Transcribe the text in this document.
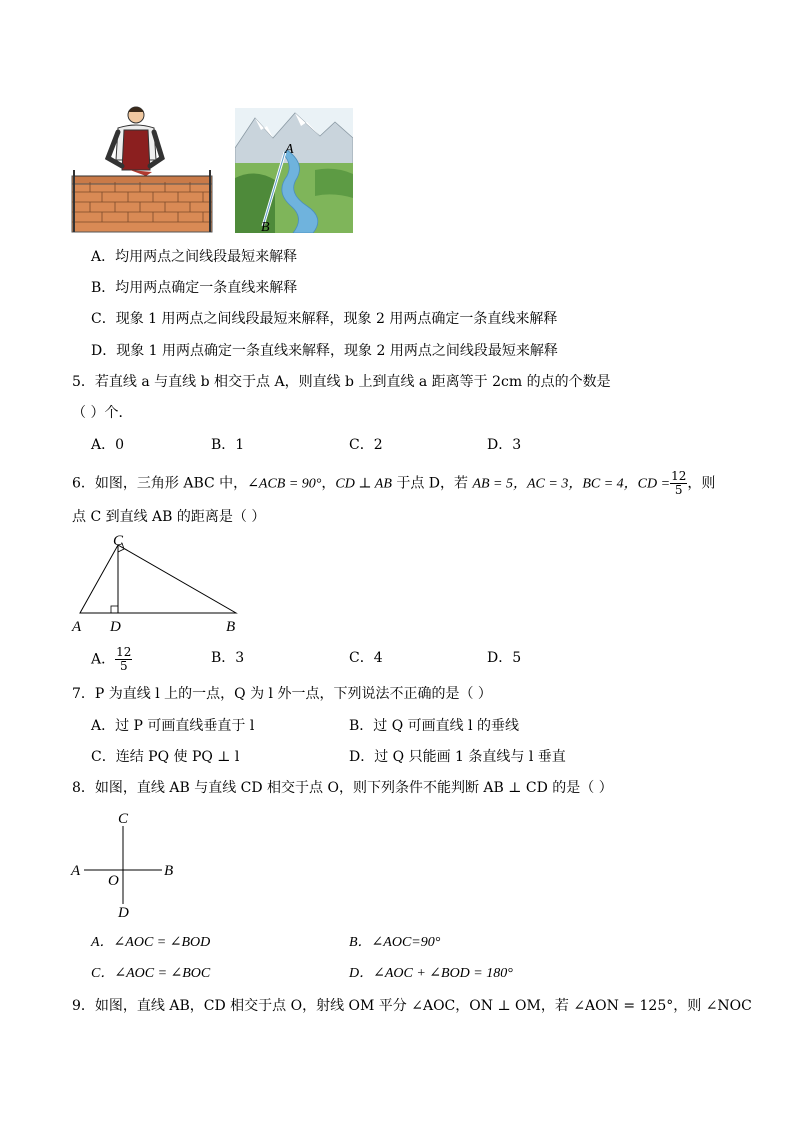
A
B
A．均用两点之间线段最短来解释
B．均用两点确定一条直线来解释
C．现象 1 用两点之间线段最短来解释，现象 2 用两点确定一条直线来解释
D．现象 1 用两点确定一条直线来解释，现象 2 用两点之间线段最短来解释
5．若直线 a 与直线 b 相交于点 A，则直线 b 上到直线 a 距离等于 2cm 的点的个数是
（ ）个．
A．0	B．1	C．2	D．3
6．如图，三角形 ABC 中，∠ACB = 90°，CD ⊥ AB 于点 D，若 AB = 5，AC = 3，BC = 4，CD = $\frac{12}{5}$ ，则
点 C 到直线 AB 的距离是（ ）
C
A D	B
A． $\frac{12}{5}$	B．3	C．4	D．5
7．P 为直线 l 上的一点，Q 为 l 外一点，下列说法不正确的是（ ）
A．过 P 可画直线垂直于 l	B．过 Q 可画直线 l 的垂线
C．连结 PQ 使 PQ ⊥ l	D．过 Q 只能画 1 条直线与 l 垂直
8．如图，直线 AB 与直线 CD 相交于点 O，则下列条件不能判断 AB ⊥ CD 的是（ ）
C
A
O
B
D
A．∠AOC = ∠BOD	B．∠AOC=90°
C．∠AOC = ∠BOC	D．∠AOC + ∠BOD = 180°
9．如图，直线 AB，CD 相交于点 O，射线 OM 平分 ∠AOC，ON ⊥ OM，若 ∠AON = 125°，则 ∠NOC
